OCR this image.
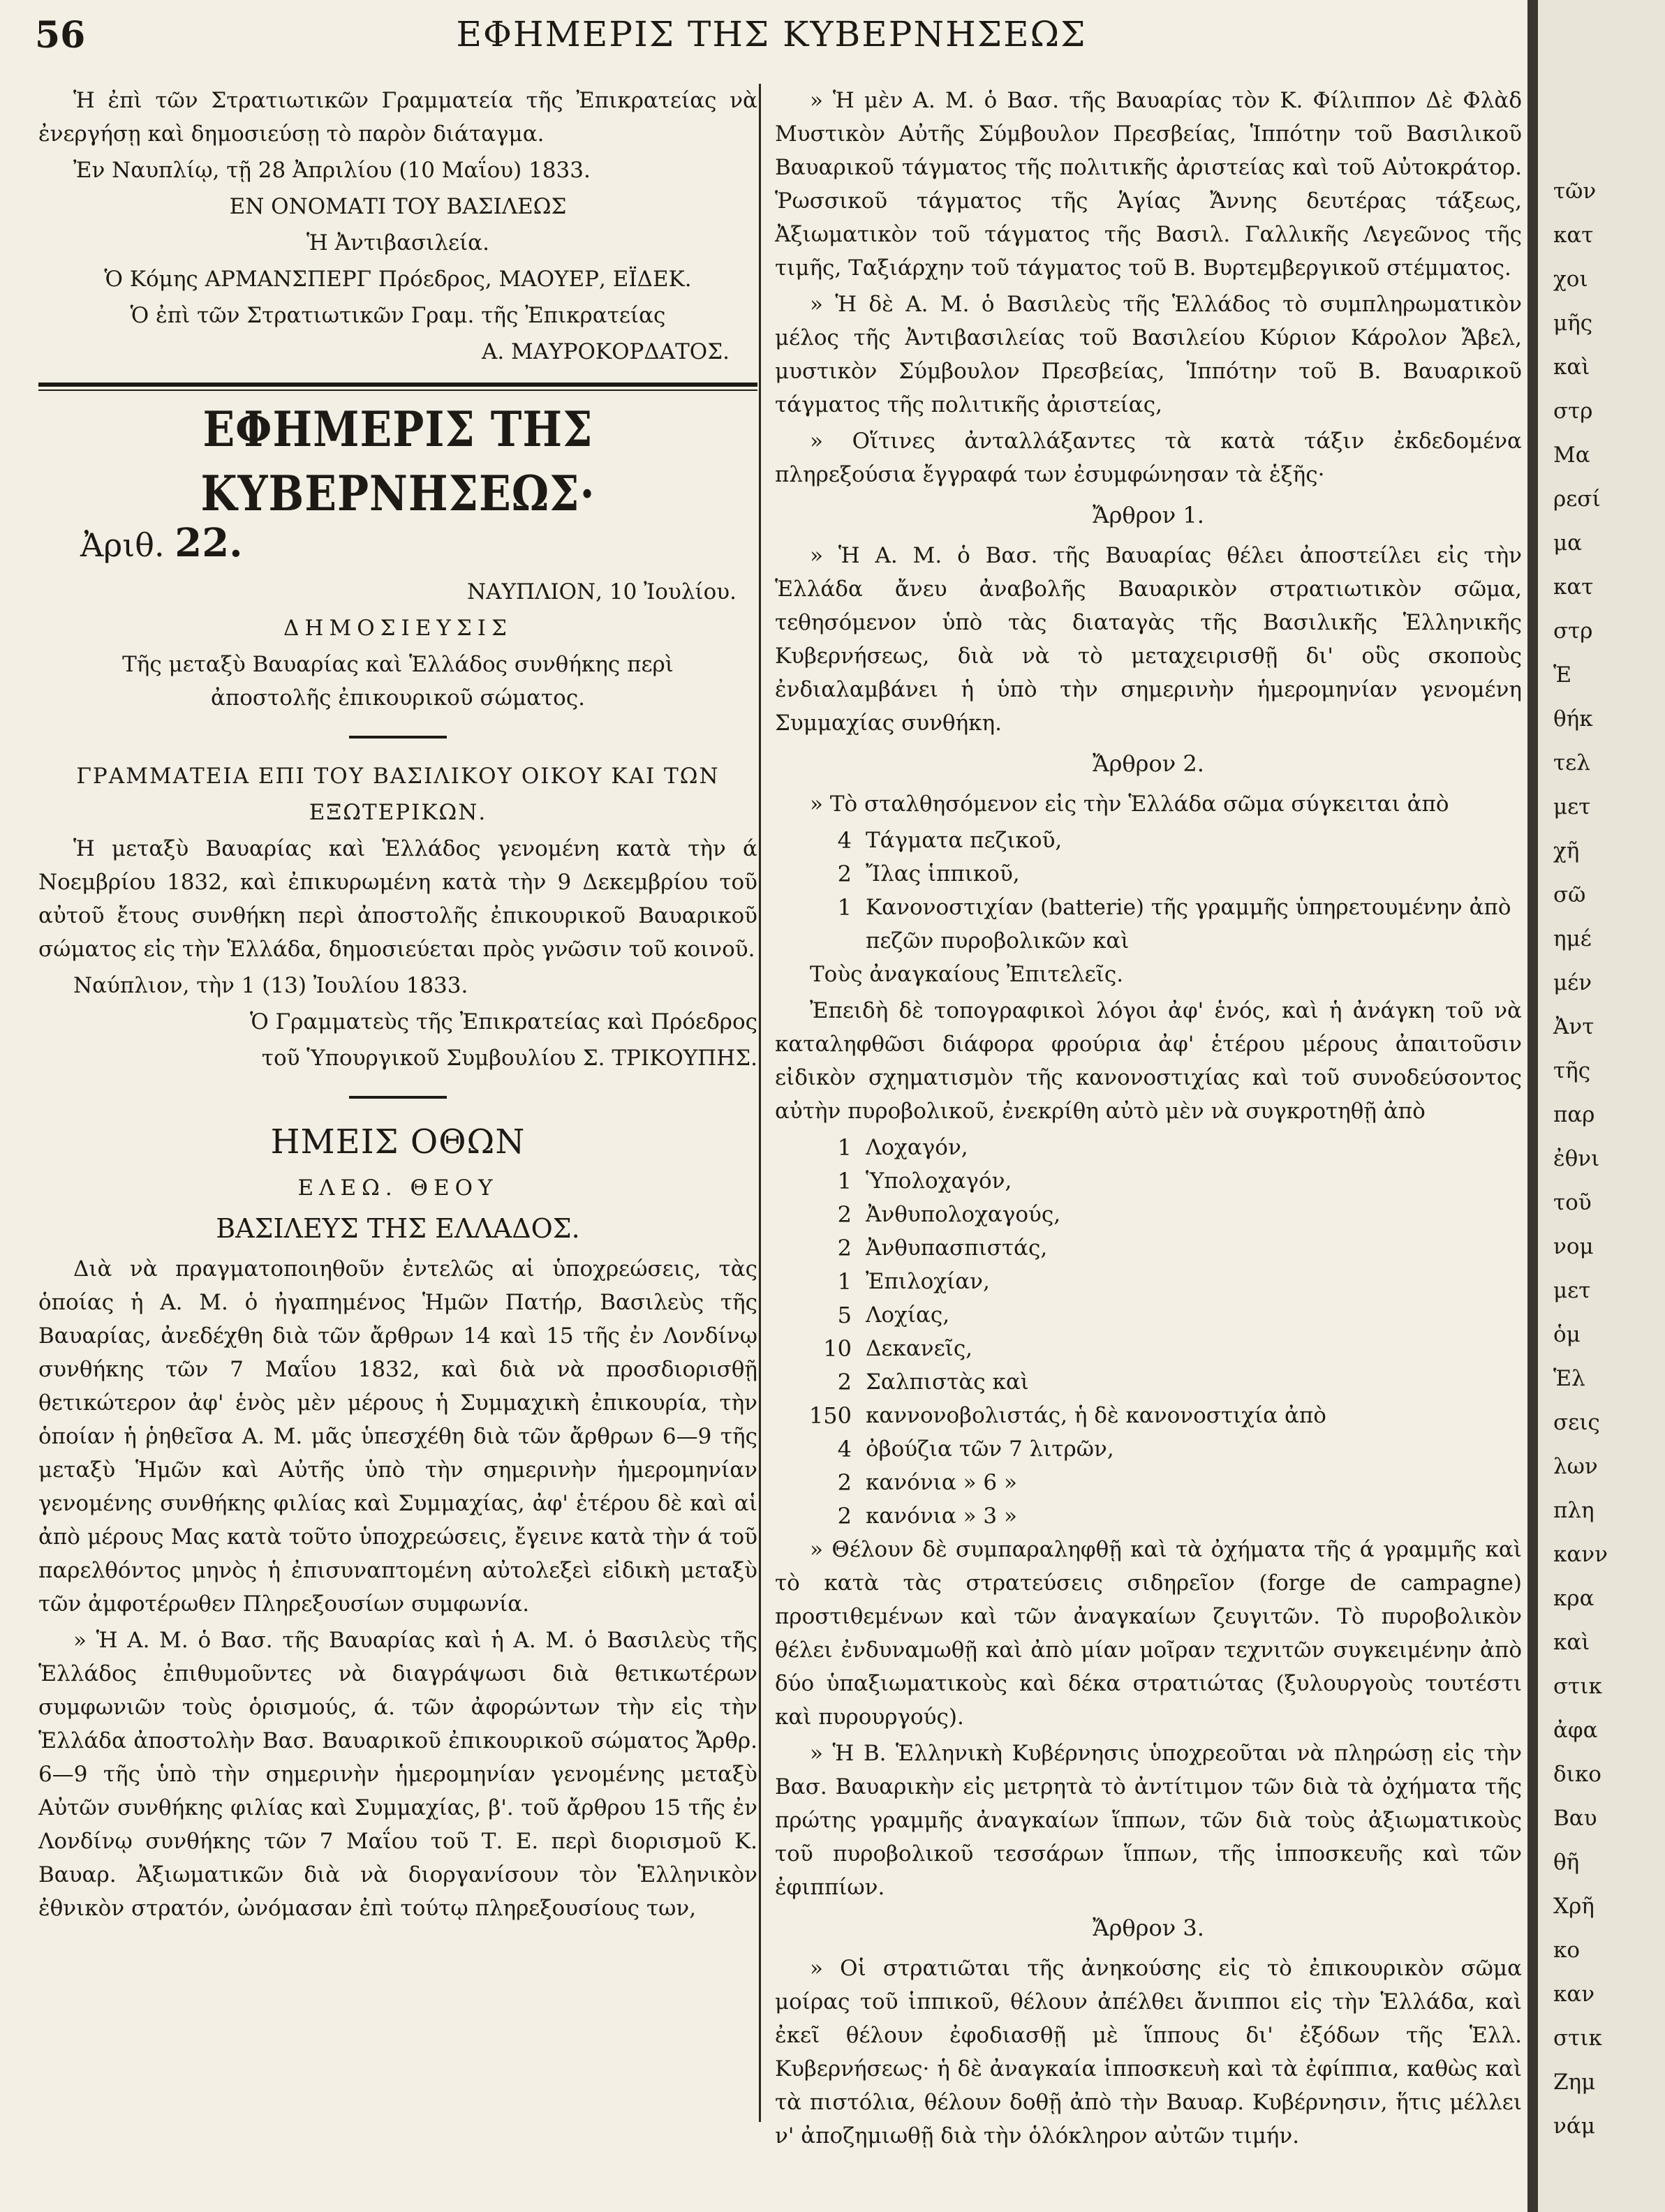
56	ΕΦΗΜΕΡΙΣ ΤΗΣ ΚΥΒΕΡΝΗΣΕΩΣ

Ἡ ἐπὶ τῶν Στρατιωτικῶν Γραμματεία τῆς Ἐπικρατείας νὰ ἐνεργήσῃ καὶ δημοσιεύσῃ τὸ παρὸν διάταγμα.

Ἐν Ναυπλίῳ, τῇ 28 Ἀπριλίου (10 Μαΐου) 1833.

ΕΝ ΟΝΟΜΑΤΙ ΤΟΥ ΒΑΣΙΛΕΩΣ

Ἡ Ἀντιβασιλεία.

Ὁ Κόμης ΑΡΜΑΝΣΠΕΡΓ Πρόεδρος, ΜΑΟΥΕΡ, ΕΪΔΕΚ.

Ὁ ἐπὶ τῶν Στρατιωτικῶν Γραμ. τῆς Ἐπικρατείας

Α. ΜΑΥΡΟΚΟΡΔΑΤΟΣ.

ΕΦΗΜΕΡΙΣ ΤΗΣ ΚΥΒΕΡΝΗΣΕΩΣ·
Ἀριθ. 22.

ΝΑΥΠΛΙΟΝ, 10 Ἰουλίου.

ΔΗΜΟΣΙΕΥΣΙΣ

Τῆς μεταξὺ Βαυαρίας καὶ Ἑλλάδος συνθήκης περὶ ἀποστολῆς ἐπικουρικοῦ σώματος.

ΓΡΑΜΜΑΤΕΙΑ ΕΠΙ ΤΟΥ ΒΑΣΙΛΙΚΟΥ ΟΙΚΟΥ ΚΑΙ ΤΩΝ

ΕΞΩΤΕΡΙΚΩΝ.

Ἡ μεταξὺ Βαυαρίας καὶ Ἑλλάδος γενομένη κατὰ τὴν ά Νοεμβρίου 1832, καὶ ἐπικυρωμένη κατὰ τὴν 9 Δεκεμβρίου τοῦ αὐτοῦ ἔτους συνθήκη περὶ ἀποστολῆς ἐπικουρικοῦ Βαυαρικοῦ σώματος εἰς τὴν Ἑλλάδα, δημοσιεύεται πρὸς γνῶσιν τοῦ κοινοῦ.

Ναύπλιον, τὴν 1 (13) Ἰουλίου 1833.

Ὁ Γραμματεὺς τῆς Ἐπικρατείας καὶ Πρόεδρος

τοῦ Ὑπουργικοῦ Συμβουλίου Σ. ΤΡΙΚΟΥΠΗΣ.

ΗΜΕΙΣ ΟΘΩΝ

ΕΛΕΩ. ΘΕΟΥ

ΒΑΣΙΛΕΥΣ ΤΗΣ ΕΛΛΑΔΟΣ.

Διὰ νὰ πραγματοποιηθοῦν ἐντελῶς αἱ ὑποχρεώσεις, τὰς ὁποίας ἡ Α. Μ. ὁ ἠγαπημένος Ἡμῶν Πατήρ, Βασιλεὺς τῆς Βαυαρίας, ἀνεδέχθη διὰ τῶν ἄρθρων 14 καὶ 15 τῆς ἐν Λονδίνῳ συνθήκης τῶν 7 Μαΐου 1832, καὶ διὰ νὰ προσδιορισθῇ θετικώτερον ἀφ' ἑνὸς μὲν μέρους ἡ Συμμαχικὴ ἐπικουρία, τὴν ὁποίαν ἡ ῥηθεῖσα Α. Μ. μᾶς ὑπεσχέθη διὰ τῶν ἄρθρων 6—9 τῆς μεταξὺ Ἡμῶν καὶ Αὐτῆς ὑπὸ τὴν σημερινὴν ἡμερομηνίαν γενομένης συνθήκης φιλίας καὶ Συμμαχίας, ἀφ' ἑτέρου δὲ καὶ αἱ ἀπὸ μέρους Μας κατὰ τοῦτο ὑποχρεώσεις, ἔγεινε κατὰ τὴν ά τοῦ παρελθόντος μηνὸς ἡ ἐπισυναπτομένη αὐτολεξεὶ εἰδικὴ μεταξὺ τῶν ἀμφοτέρωθεν Πληρεξουσίων συμφωνία.

» Ἡ Α. Μ. ὁ Βασ. τῆς Βαυαρίας καὶ ἡ Α. Μ. ὁ Βασιλεὺς τῆς Ἑλλάδος ἐπιθυμοῦντες νὰ διαγράψωσι διὰ θετικωτέρων συμφωνιῶν τοὺς ὁρισμούς, ά. τῶν ἀφορώντων τὴν εἰς τὴν Ἑλλάδα ἀποστολὴν Βασ. Βαυαρικοῦ ἐπικουρικοῦ σώματος Ἄρθρ. 6—9 τῆς ὑπὸ τὴν σημερινὴν ἡμερομηνίαν γενομένης μεταξὺ Αὐτῶν συνθήκης φιλίας καὶ Συμμαχίας, β'. τοῦ ἄρθρου 15 τῆς ἐν Λονδίνῳ συνθήκης τῶν 7 Μαΐου τοῦ Τ. Ε. περὶ διορισμοῦ Κ. Βαυαρ. Ἀξιωματικῶν διὰ νὰ διοργανίσουν τὸν Ἑλληνικὸν ἐθνικὸν στρατόν, ὠνόμασαν ἐπὶ τούτῳ πληρεξουσίους των,

» Ἡ μὲν Α. Μ. ὁ Βασ. τῆς Βαυαρίας τὸν Κ. Φίλιππον Δὲ Φλὰδ Μυστικὸν Αὐτῆς Σύμβουλον Πρεσβείας, Ἱππότην τοῦ Βασιλικοῦ Βαυαρικοῦ τάγματος τῆς πολιτικῆς ἀριστείας καὶ τοῦ Αὐτοκράτορ. Ῥωσσικοῦ τάγματος τῆς Ἁγίας Ἄννης δευτέρας τάξεως, Ἀξιωματικὸν τοῦ τάγματος τῆς Βασιλ. Γαλλικῆς Λεγεῶνος τῆς τιμῆς, Ταξιάρχην τοῦ τάγματος τοῦ Β. Βυρτεμβεργικοῦ στέμματος.

» Ἡ δὲ Α. Μ. ὁ Βασιλεὺς τῆς Ἑλλάδος τὸ συμπληρωματικὸν μέλος τῆς Ἀντιβασιλείας τοῦ Βασιλείου Κύριον Κάρολον Ἄβελ, μυστικὸν Σύμβουλον Πρεσβείας, Ἱππότην τοῦ Β. Βαυαρικοῦ τάγματος τῆς πολιτικῆς ἀριστείας,

» Οἵτινες ἀνταλλάξαντες τὰ κατὰ τάξιν ἐκδεδομένα πληρεξούσια ἔγγραφά των ἐσυμφώνησαν τὰ ἑξῆς·

Ἄρθρον 1.

» Ἡ Α. Μ. ὁ Βασ. τῆς Βαυαρίας θέλει ἀποστείλει εἰς τὴν Ἑλλάδα ἄνευ ἀναβολῆς Βαυαρικὸν στρατιωτικὸν σῶμα, τεθησόμενον ὑπὸ τὰς διαταγὰς τῆς Βασιλικῆς Ἑλληνικῆς Κυβερνήσεως, διὰ νὰ τὸ μεταχειρισθῇ δι' οὓς σκοποὺς ἐνδιαλαμβάνει ἡ ὑπὸ τὴν σημερινὴν ἡμερομηνίαν γενομένη Συμμαχίας συνθήκη.

Ἄρθρον 2.

» Τὸ σταλθησόμενον εἰς τὴν Ἑλλάδα σῶμα σύγκειται ἀπὸ

4 Τάγματα πεζικοῦ,
2 Ἴλας ἱππικοῦ,
1 Κανονοστιχίαν (batterie) τῆς γραμμῆς ὑπηρετουμένην ἀπὸ πεζῶν πυροβολικῶν καὶ

Τοὺς ἀναγκαίους Ἐπιτελεῖς.

Ἐπειδὴ δὲ τοπογραφικοὶ λόγοι ἀφ' ἑνός, καὶ ἡ ἀνάγκη τοῦ νὰ καταληφθῶσι διάφορα φρούρια ἀφ' ἑτέρου μέρους ἀπαιτοῦσιν εἰδικὸν σχηματισμὸν τῆς κανονοστιχίας καὶ τοῦ συνοδεύσοντος αὐτὴν πυροβολικοῦ, ἐνεκρίθη αὐτὸ μὲν νὰ συγκροτηθῇ ἀπὸ

1 Λοχαγόν,
1 Ὑπολοχαγόν,
2 Ἀνθυπολοχαγούς,
2 Ἀνθυπασπιστάς,
1 Ἐπιλοχίαν,
5 Λοχίας,
10 Δεκανεῖς,
2 Σαλπιστὰς καὶ
150 καννονοβολιστάς, ἡ δὲ κανονοστιχία ἀπὸ
4 ὀβούζια τῶν 7 λιτρῶν,
2 κανόνια » 6 »
2 κανόνια » 3 »

» Θέλουν δὲ συμπαραληφθῇ καὶ τὰ ὀχήματα τῆς ά γραμμῆς καὶ τὸ κατὰ τὰς στρατεύσεις σιδηρεῖον (forge de campagne) προστιθεμένων καὶ τῶν ἀναγκαίων ζευγιτῶν. Τὸ πυροβολικὸν θέλει ἐνδυναμωθῇ καὶ ἀπὸ μίαν μοῖραν τεχνιτῶν συγκειμένην ἀπὸ δύο ὑπαξιωματικοὺς καὶ δέκα στρατιώτας (ξυλουργοὺς τουτέστι καὶ πυρουργούς).

» Ἡ Β. Ἑλληνικὴ Κυβέρνησις ὑποχρεοῦται νὰ πληρώσῃ εἰς τὴν Βασ. Βαυαρικὴν εἰς μετρητὰ τὸ ἀντίτιμον τῶν διὰ τὰ ὀχήματα τῆς πρώτης γραμμῆς ἀναγκαίων ἵππων, τῶν διὰ τοὺς ἀξιωματικοὺς τοῦ πυροβολικοῦ τεσσάρων ἵππων, τῆς ἱπποσκευῆς καὶ τῶν ἐφιππίων.

Ἄρθρον 3.

» Οἱ στρατιῶται τῆς ἀνηκούσης εἰς τὸ ἐπικουρικὸν σῶμα μοίρας τοῦ ἱππικοῦ, θέλουν ἀπέλθει ἄνιπποι εἰς τὴν Ἑλλάδα, καὶ ἐκεῖ θέλουν ἐφοδιασθῇ μὲ ἵππους δι' ἐξόδων τῆς Ἑλλ. Κυβερνήσεως· ἡ δὲ ἀναγκαία ἱπποσκευὴ καὶ τὰ ἐφίππια, καθὼς καὶ τὰ πιστόλια, θέλουν δοθῇ ἀπὸ τὴν Βαυαρ. Κυβέρνησιν, ἥτις μέλλει ν' ἀποζημιωθῇ διὰ τὴν ὁλόκληρον αὐτῶν τιμήν.

τῶν
κατ
χοι
μῆς
καὶ
στρ
Μα
ρεσί
μα
κατ
στρ
Ἑ
θήκ
τελ
μετ
χῆ
σῶ
ημέ
μέν
Ἀντ
τῆς
παρ
ἐθνι
τοῦ
νομ
μετ
ὁμ
Ἑλ
σεις
λων
πλη
κανν
κρα
καὶ
στικ
ἀφα
δικο
Βαυ
θῆ
Χρῆ
κο
καν
στικ
Ζημ
νάμ
